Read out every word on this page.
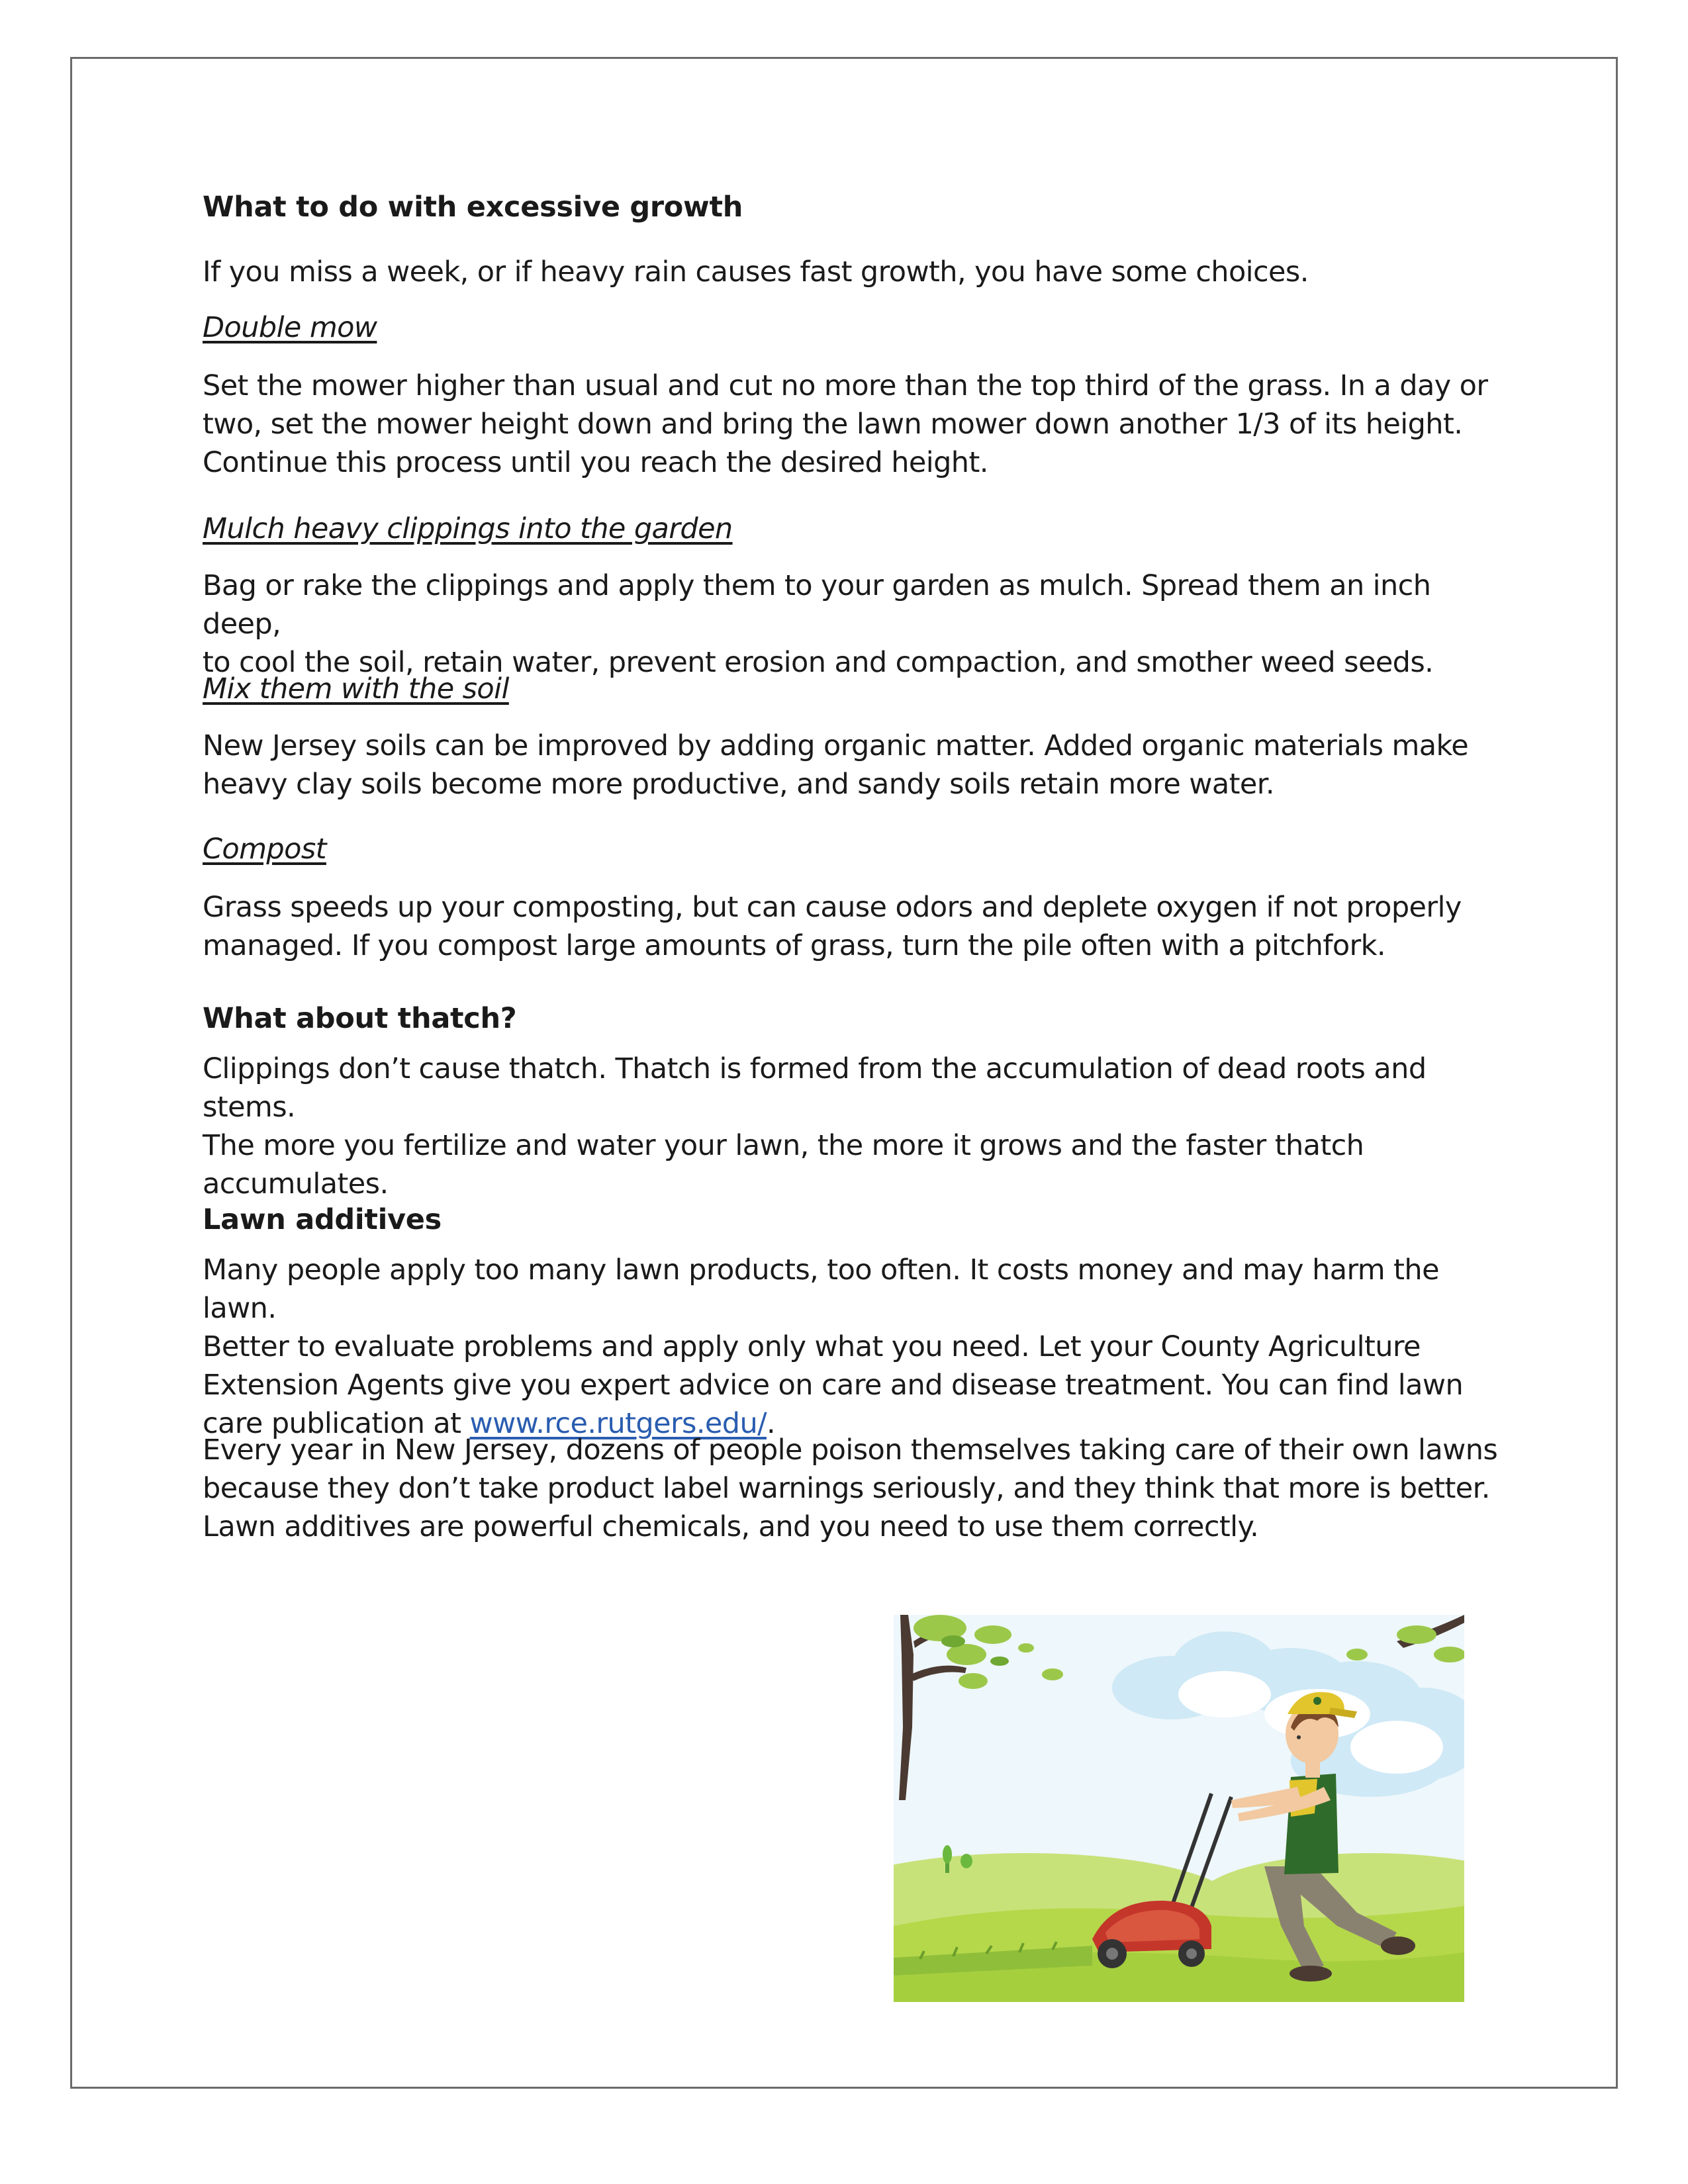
What to do with excessive growth

If you miss a week, or if heavy rain causes fast growth, you have some choices.

Double mow

Set the mower higher than usual and cut no more than the top third of the grass. In a day or

two, set the mower height down and bring the lawn mower down another 1/3 of its height.

Continue this process until you reach the desired height.

Mulch heavy clippings into the garden

Bag or rake the clippings and apply them to your garden as mulch. Spread them an inch deep,

to cool the soil, retain water, prevent erosion and compaction, and smother weed seeds.

Mix them with the soil

New Jersey soils can be improved by adding organic matter. Added organic materials make

heavy clay soils become more productive, and sandy soils retain more water.

Compost

Grass speeds up your composting, but can cause odors and deplete oxygen if not properly

managed. If you compost large amounts of grass, turn the pile often with a pitchfork.

What about thatch?

Clippings don’t cause thatch. Thatch is formed from the accumulation of dead roots and stems.

The more you fertilize and water your lawn, the more it grows and the faster thatch

accumulates.

Lawn additives

Many people apply too many lawn products, too often. It costs money and may harm the lawn.

Better to evaluate problems and apply only what you need. Let your County Agriculture

Extension Agents give you expert advice on care and disease treatment. You can find lawn

care publication at www.rce.rutgers.edu/.

Every year in New Jersey, dozens of people poison themselves taking care of their own lawns

because they don’t take product label warnings seriously, and they think that more is better.

Lawn additives are powerful chemicals, and you need to use them correctly.
